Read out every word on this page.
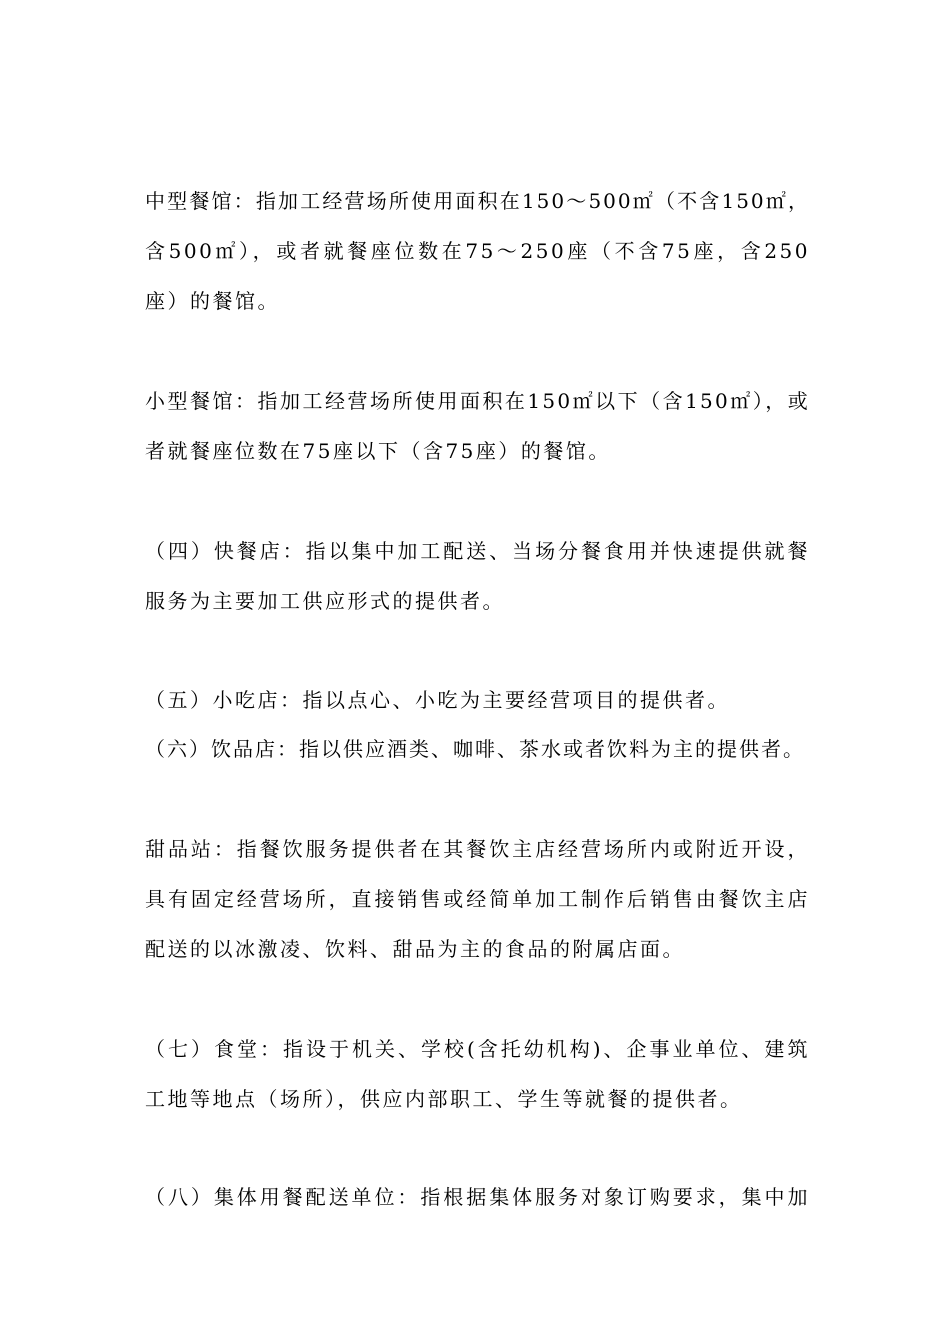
中型餐馆：指加工经营场所使用面积在150～500㎡（不含150㎡，
含500㎡），或者就餐座位数在75～250座（不含75座，含250
座）的餐馆。

小型餐馆：指加工经营场所使用面积在150㎡以下（含150㎡），或
者就餐座位数在75座以下（含75座）的餐馆。

（四）快餐店：指以集中加工配送、当场分餐食用并快速提供就餐
服务为主要加工供应形式的提供者。

（五）小吃店：指以点心、小吃为主要经营项目的提供者。

（六）饮品店：指以供应酒类、咖啡、茶水或者饮料为主的提供者。

甜品站：指餐饮服务提供者在其餐饮主店经营场所内或附近开设，
具有固定经营场所，直接销售或经简单加工制作后销售由餐饮主店
配送的以冰激凌、饮料、甜品为主的食品的附属店面。

（七）食堂：指设于机关、学校(含托幼机构)、企事业单位、建筑
工地等地点（场所），供应内部职工、学生等就餐的提供者。

（八）集体用餐配送单位：指根据集体服务对象订购要求，集中加
